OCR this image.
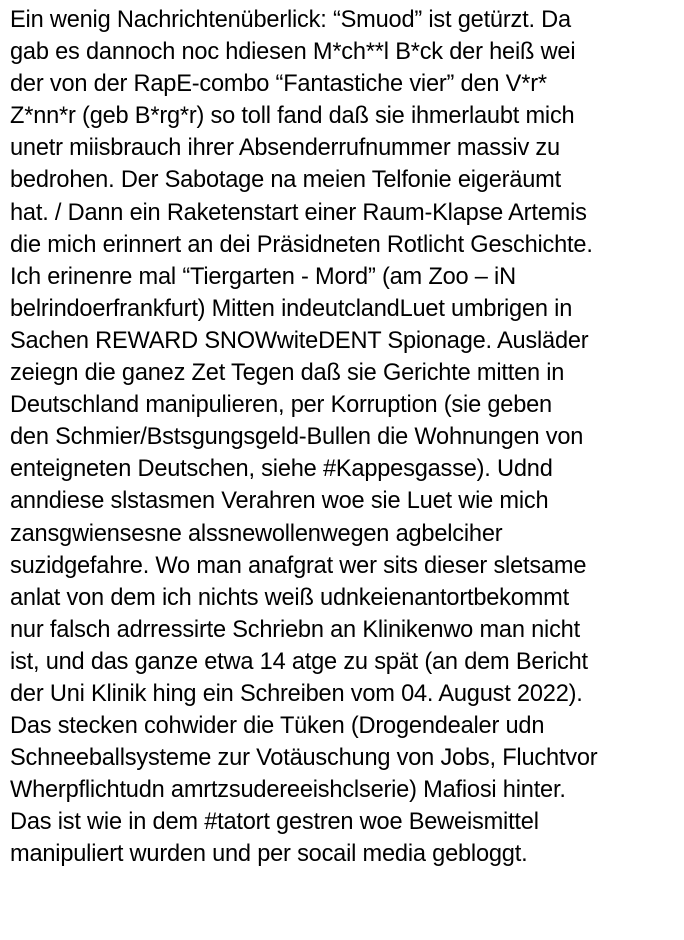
Ein wenig Nachrichtenüberlick: “Smuod” ist getürzt. Da
gab es dannoch noc hdiesen M*ch**l B*ck der heiß wei
der von der RapE-combo “Fantastiche vier” den V*r*
Z*nn*r (geb B*rg*r) so toll fand daß sie ihmerlaubt mich
unetr miisbrauch ihrer Absenderrufnummer massiv zu
bedrohen. Der Sabotage na meien Telfonie eigeräumt
hat. / Dann ein Raketenstart einer Raum-Klapse Artemis
die mich erinnert an dei Präsidneten Rotlicht Geschichte.
Ich erinenre mal “Tiergarten - Mord” (am Zoo – iN
belrindoerfrankfurt) Mitten indeutclandLuet umbrigen in
Sachen REWARD SNOWwiteDENT Spionage. Ausläder
zeiegn die ganez Zet Tegen daß sie Gerichte mitten in
Deutschland manipulieren, per Korruption (sie geben
den Schmier/Bstsgungsgeld-Bullen die Wohnungen von
enteigneten Deutschen, siehe #Kappesgasse). Udnd
anndiese slstasmen Verahren woe sie Luet wie mich
zansgwiensesne alssnewollenwegen agbelciher
suzidgefahre. Wo man anafgrat wer sits dieser sletsame
anlat von dem ich nichts weiß udnkeienantortbekommt
nur falsch adrressirte Schriebn an Klinikenwo man nicht
ist, und das ganze etwa 14 atge zu spät (an dem Bericht
der Uni Klinik hing ein Schreiben vom 04. August 2022).
Das stecken cohwider die Tüken (Drogendealer udn
Schneeballsysteme zur Votäuschung von Jobs, Fluchtvor
Wherpflichtudn amrtzsudereeishclserie) Mafiosi hinter.
Das ist wie in dem #tatort gestren woe Beweismittel
manipuliert wurden und per socail media gebloggt.
